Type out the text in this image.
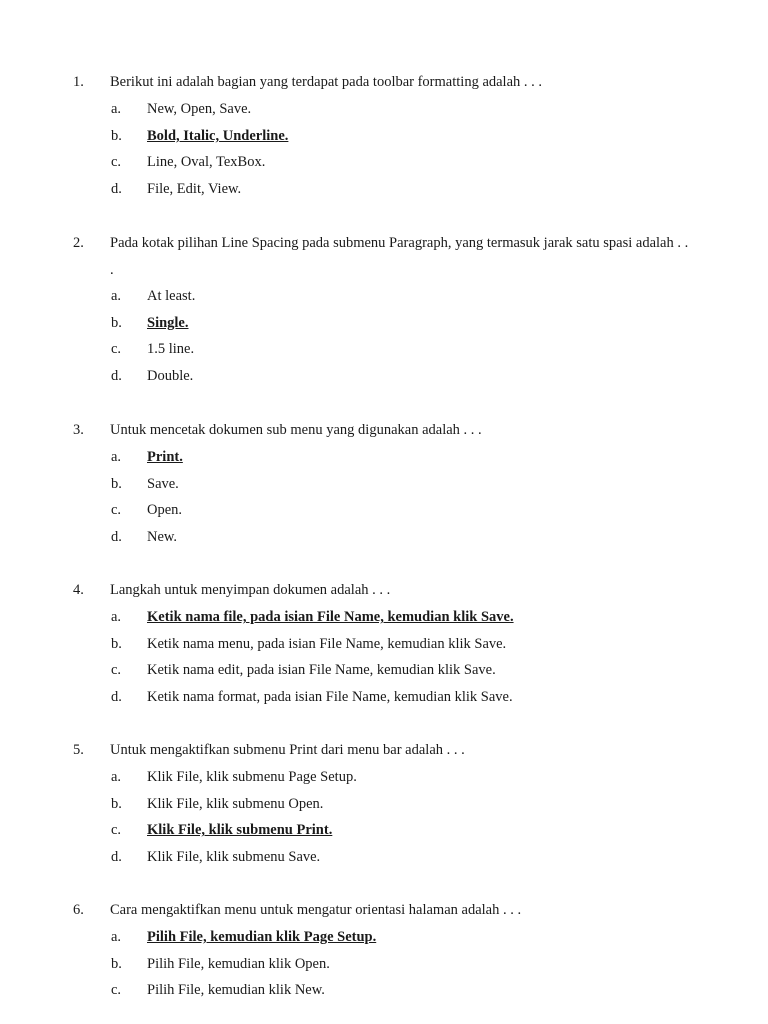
1. Berikut ini adalah bagian yang terdapat pada toolbar formatting adalah . . .
a. New, Open, Save.
b. Bold, Italic, Underline.
c. Line, Oval, TexBox.
d. File, Edit, View.
2. Pada kotak pilihan Line Spacing pada submenu Paragraph, yang termasuk jarak satu spasi adalah . . .
a. At least.
b. Single.
c. 1.5 line.
d. Double.
3. Untuk mencetak dokumen sub menu yang digunakan adalah . . .
a. Print.
b. Save.
c. Open.
d. New.
4. Langkah untuk menyimpan dokumen adalah . . .
a. Ketik nama file, pada isian File Name, kemudian klik Save.
b. Ketik nama menu, pada isian File Name, kemudian klik Save.
c. Ketik nama edit, pada isian File Name, kemudian klik Save.
d. Ketik nama format, pada isian File Name, kemudian klik Save.
5. Untuk mengaktifkan submenu Print dari menu bar adalah . . .
a. Klik File, klik submenu Page Setup.
b. Klik File, klik submenu Open.
c. Klik File, klik submenu Print.
d. Klik File, klik submenu Save.
6. Cara mengaktifkan menu untuk mengatur orientasi halaman adalah . . .
a. Pilih File, kemudian klik Page Setup.
b. Pilih File, kemudian klik Open.
c. Pilih File, kemudian klik New.
